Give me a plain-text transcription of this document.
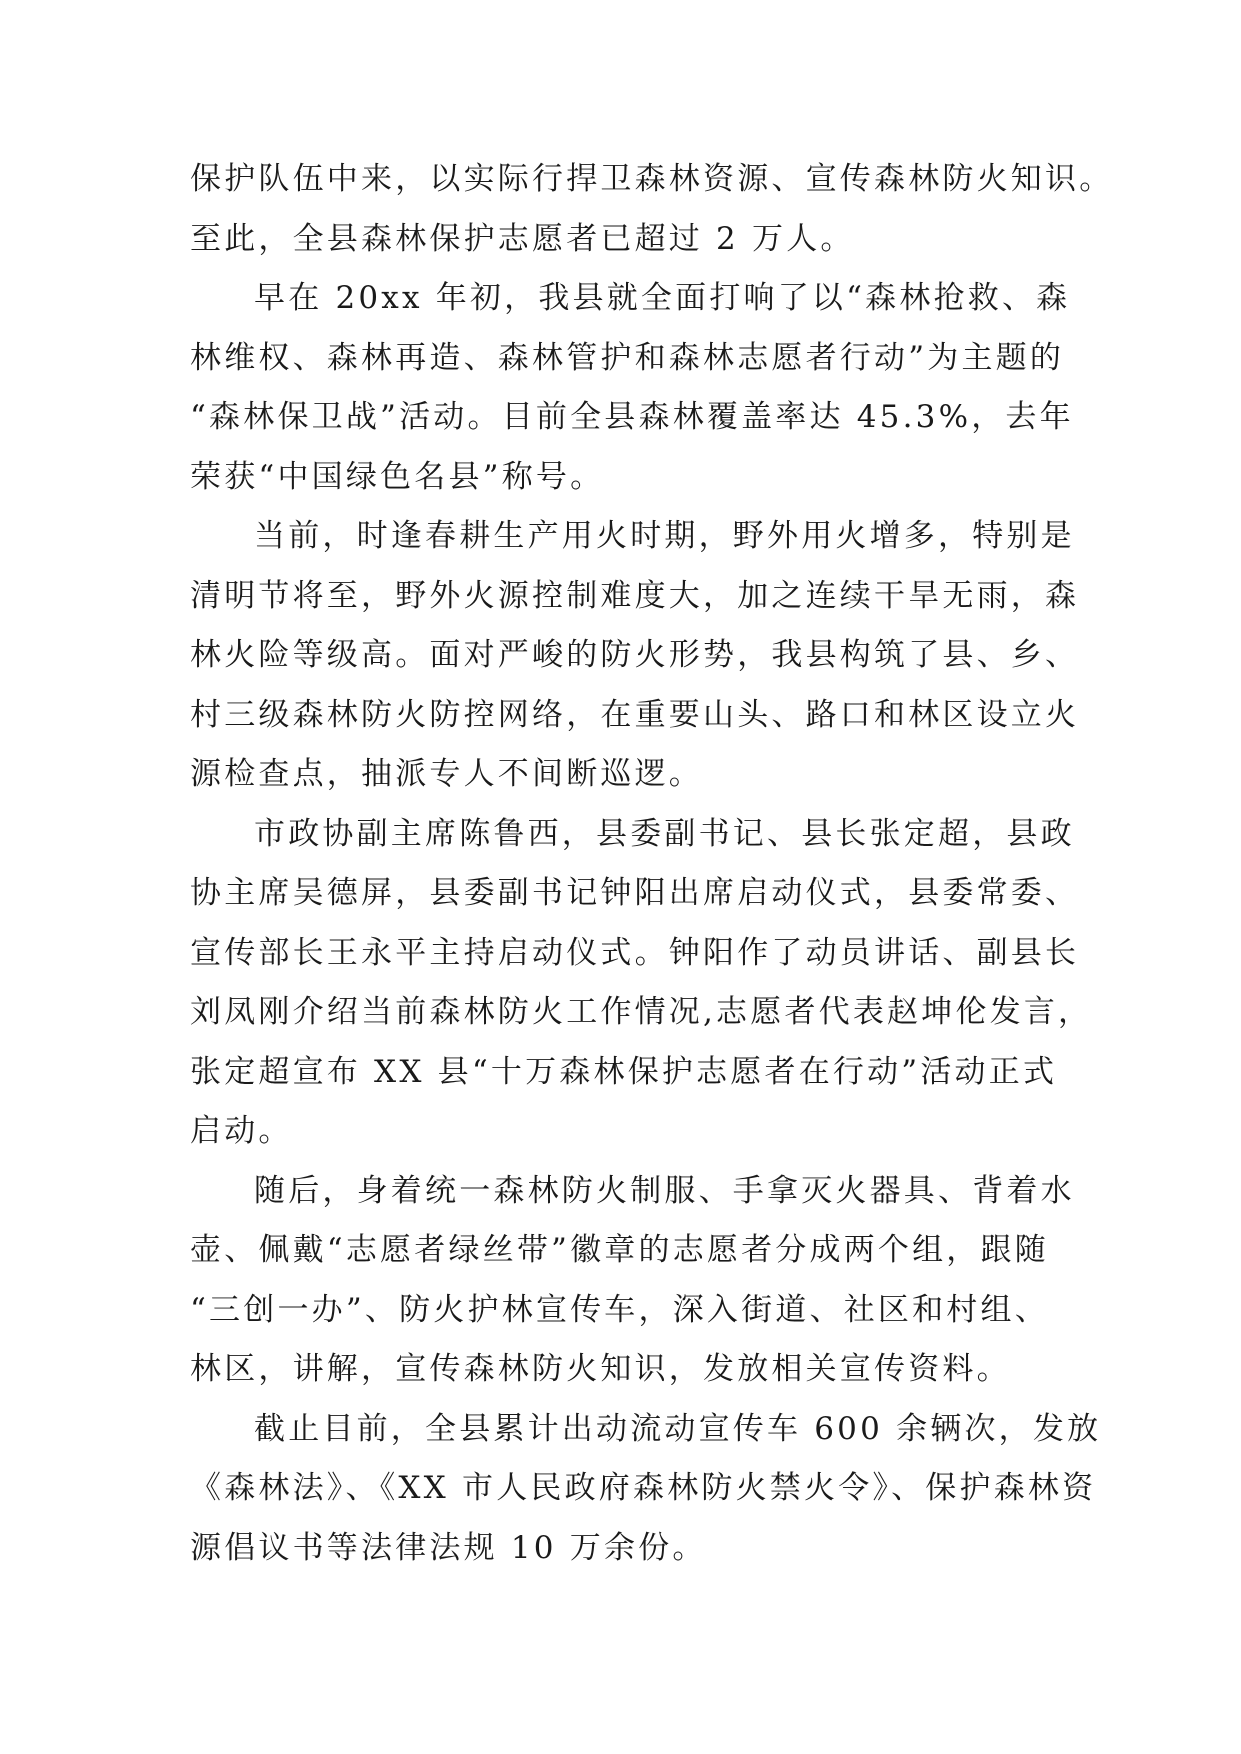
保护队伍中来，以实际行捍卫森林资源、宣传森林防火知识。
至此，全县森林保护志愿者已超过 2 万人。
早在 20xx 年初，我县就全面打响了以“森林抢救、森
林维权、森林再造、森林管护和森林志愿者行动”为主题的
“森林保卫战”活动。目前全县森林覆盖率达 45.3%，去年
荣获“中国绿色名县”称号。
当前，时逢春耕生产用火时期，野外用火增多，特别是
清明节将至，野外火源控制难度大，加之连续干旱无雨，森
林火险等级高。面对严峻的防火形势，我县构筑了县、乡、
村三级森林防火防控网络，在重要山头、路口和林区设立火
源检查点，抽派专人不间断巡逻。
市政协副主席陈鲁西，县委副书记、县长张定超，县政
协主席吴德屏，县委副书记钟阳出席启动仪式，县委常委、
宣传部长王永平主持启动仪式。钟阳作了动员讲话、副县长
刘凤刚介绍当前森林防火工作情况,志愿者代表赵坤伦发言，
张定超宣布 XX 县“十万森林保护志愿者在行动”活动正式
启动。
随后，身着统一森林防火制服、手拿灭火器具、背着水
壶、佩戴“志愿者绿丝带”徽章的志愿者分成两个组，跟随
“三创一办”、防火护林宣传车，深入街道、社区和村组、
林区，讲解，宣传森林防火知识，发放相关宣传资料。
截止目前，全县累计出动流动宣传车 600 余辆次，发放
《森林法》、《XX 市人民政府森林防火禁火令》、保护森林资
源倡议书等法律法规 10 万余份。
